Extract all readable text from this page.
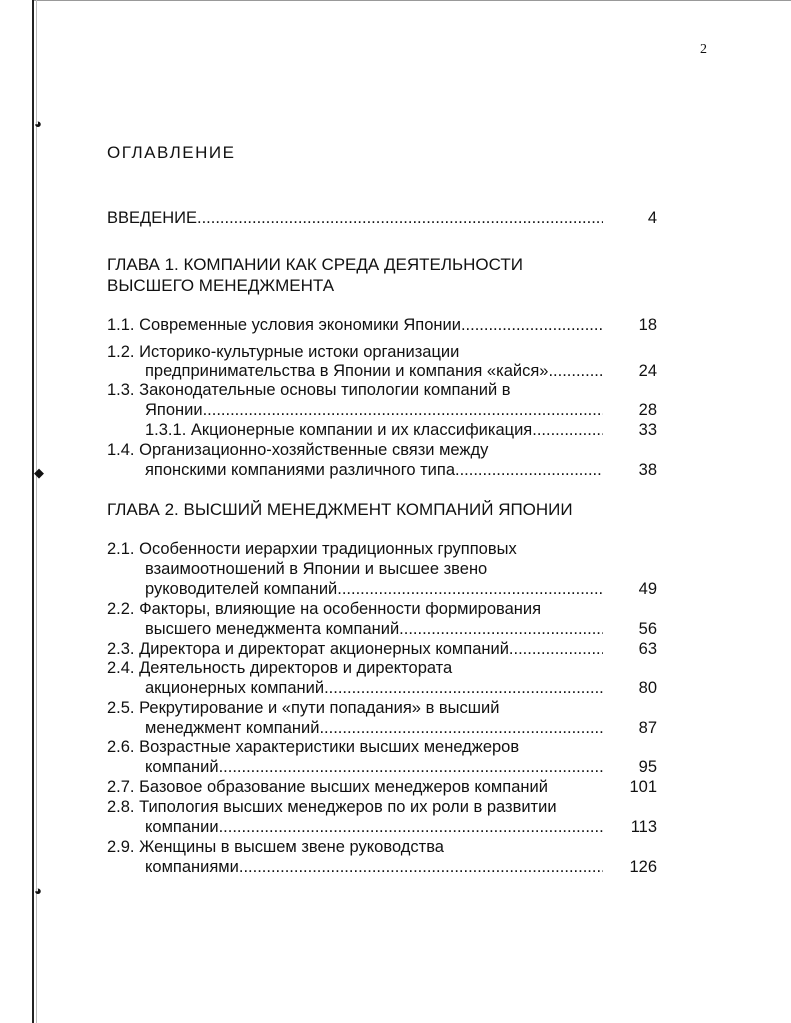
◕
◆
◕
2
ОГЛАВЛЕНИЕ
ВВЕДЕНИЕ .....	4
ГЛАВА 1. КОМПАНИИ КАК СРЕДА ДЕЯТЕЛЬНОСТИ
ВЫСШЕГО МЕНЕДЖМЕНТА
1.1. Современные условия экономики Японии .....	18
1.2. Историко-культурные истоки организации
предпринимательства в Японии и компания «кайся» .....	24
1.3. Законодательные основы типологии компаний в
Японии .....	28
1.3.1. Акционерные компании и их классификация .....	33
1.4. Организационно-хозяйственные связи между
японскими компаниями различного типа .....	38
ГЛАВА 2. ВЫСШИЙ МЕНЕДЖМЕНТ КОМПАНИЙ ЯПОНИИ
2.1. Особенности иерархии традиционных групповых
взаимоотношений в Японии и высшее звено
руководителей компаний .....	49
2.2. Факторы, влияющие на особенности формирования
высшего менеджмента компаний .....	56
2.3. Директора и директорат акционерных компаний .....	63
2.4. Деятельность директоров и директората
акционерных компаний .....	80
2.5. Рекрутирование и «пути попадания» в высший
менеджмент компаний .....	87
2.6. Возрастные характеристики высших менеджеров
компаний .....	95
2.7. Базовое образование высших менеджеров компаний	101
2.8. Типология высших менеджеров по их роли в развитии
компании .....	113
2.9. Женщины в высшем звене руководства
компаниями .....	126
